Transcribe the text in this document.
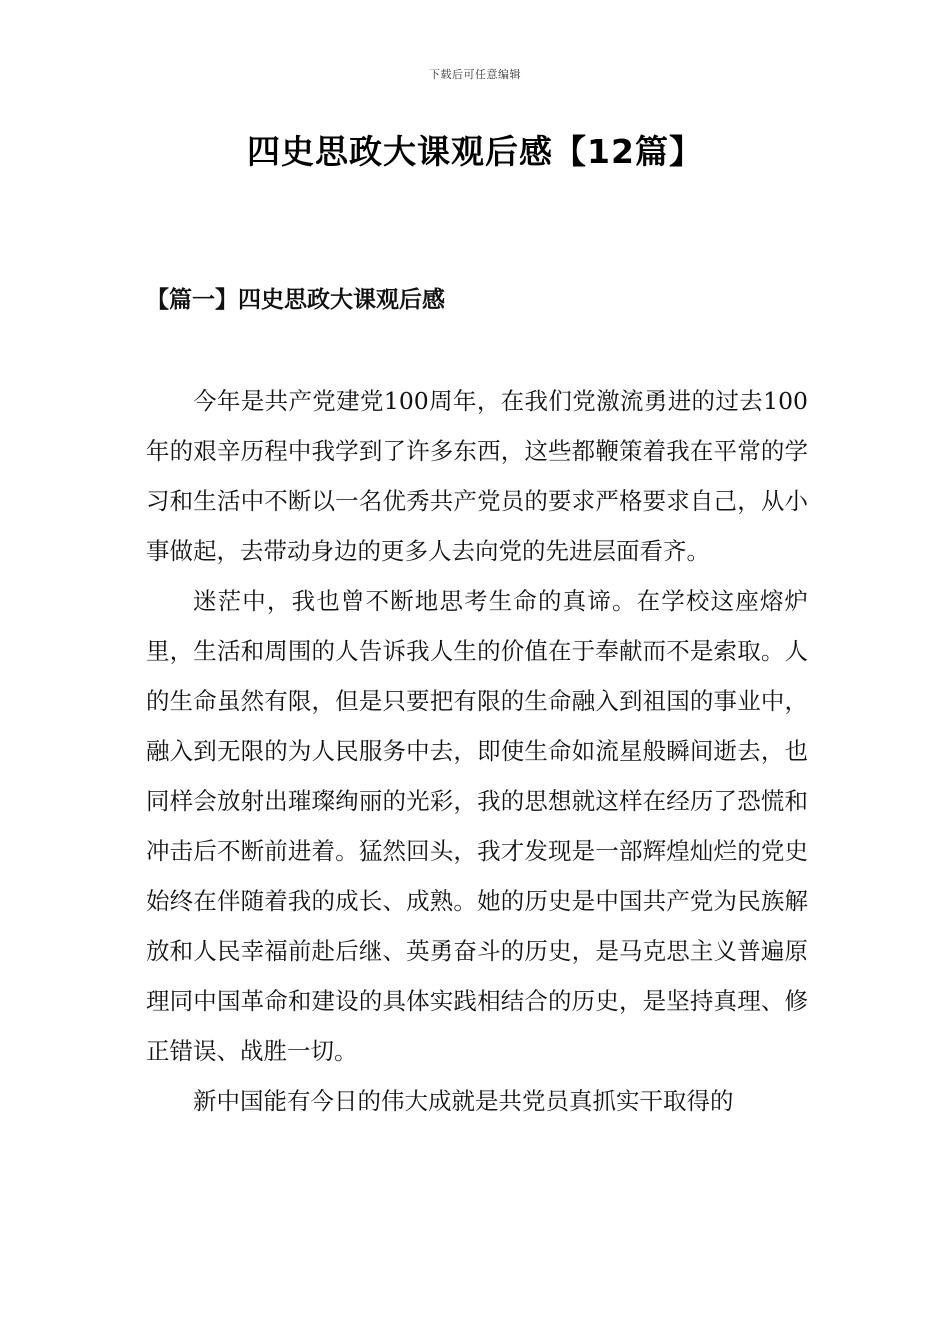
下载后可任意编辑
四史思政大课观后感【12篇】
【篇一】四史思政大课观后感

今年是共产党建党100周年，在我们党激流勇进的过去100年的艰辛历程中我学到了许多东西，这些都鞭策着我在平常的学习和生活中不断以一名优秀共产党员的要求严格要求自己，从小事做起，去带动身边的更多人去向党的先进层面看齐。

迷茫中，我也曾不断地思考生命的真谛。在学校这座熔炉里，生活和周围的人告诉我人生的价值在于奉献而不是索取。人的生命虽然有限，但是只要把有限的生命融入到祖国的事业中，融入到无限的为人民服务中去，即使生命如流星般瞬间逝去，也同样会放射出璀璨绚丽的光彩，我的思想就这样在经历了恐慌和冲击后不断前进着。猛然回头，我才发现是一部辉煌灿烂的党史始终在伴随着我的成长、成熟。她的历史是中国共产党为民族解放和人民幸福前赴后继、英勇奋斗的历史，是马克思主义普遍原理同中国革命和建设的具体实践相结合的历史，是坚持真理、修正错误、战胜一切。

新中国能有今日的伟大成就是共党员真抓实干取得的
